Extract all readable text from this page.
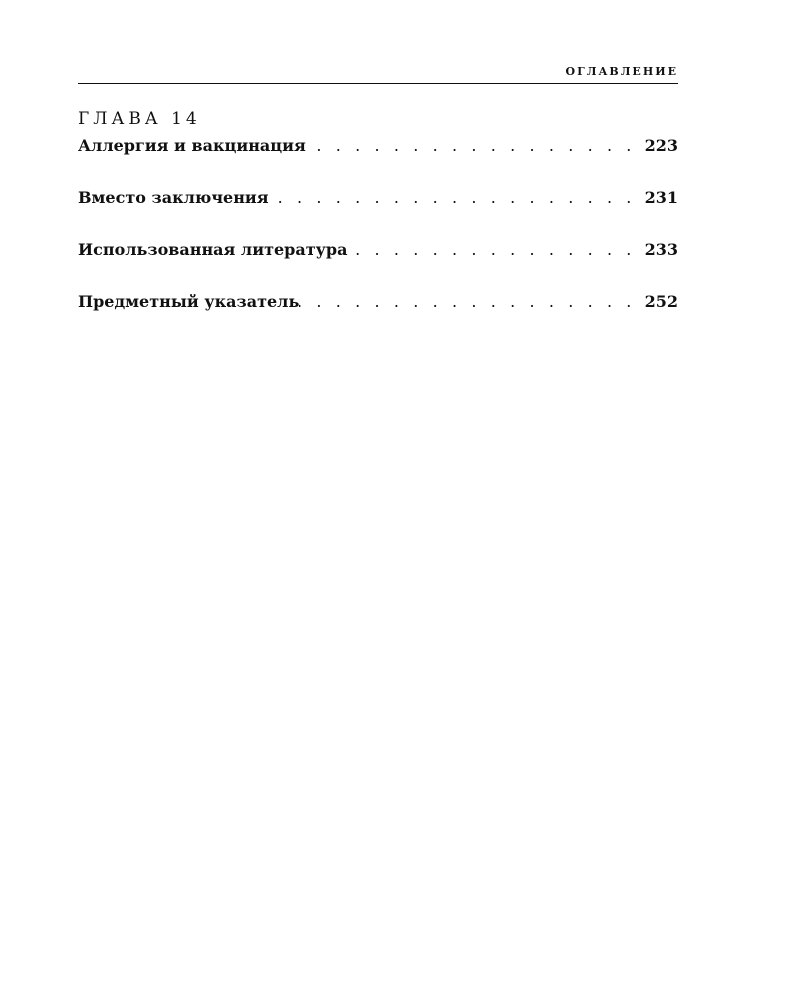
ОГЛАВЛЕНИЕ
ГЛАВА 14
Аллергия и вакцинация . . .	223
Вместо заключения . . .	231
Использованная литература . . .	233
Предметный указатель . . .	252
